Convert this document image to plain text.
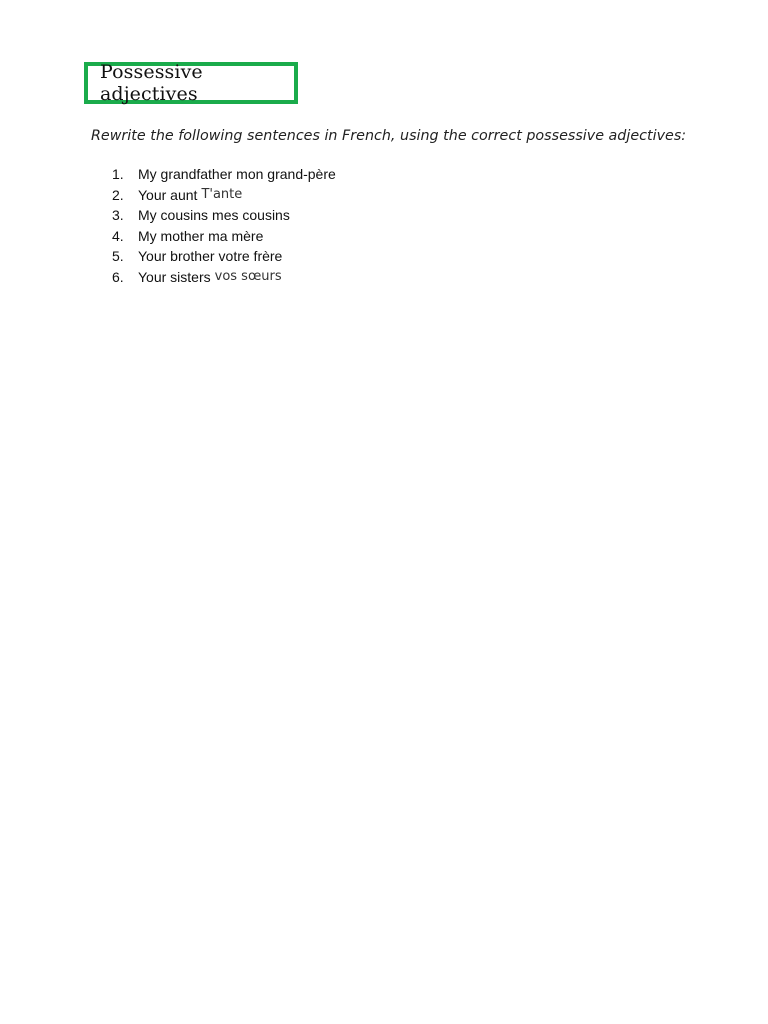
Possessive adjectives
Rewrite the following sentences in French, using the correct possessive adjectives:
1.	My grandfather mon grand-père
2.	Your aunt T'ante
3.	My cousins mes cousins
4.	My mother ma mère
5.	Your brother votre frère
6.	Your sisters vos sœurs
